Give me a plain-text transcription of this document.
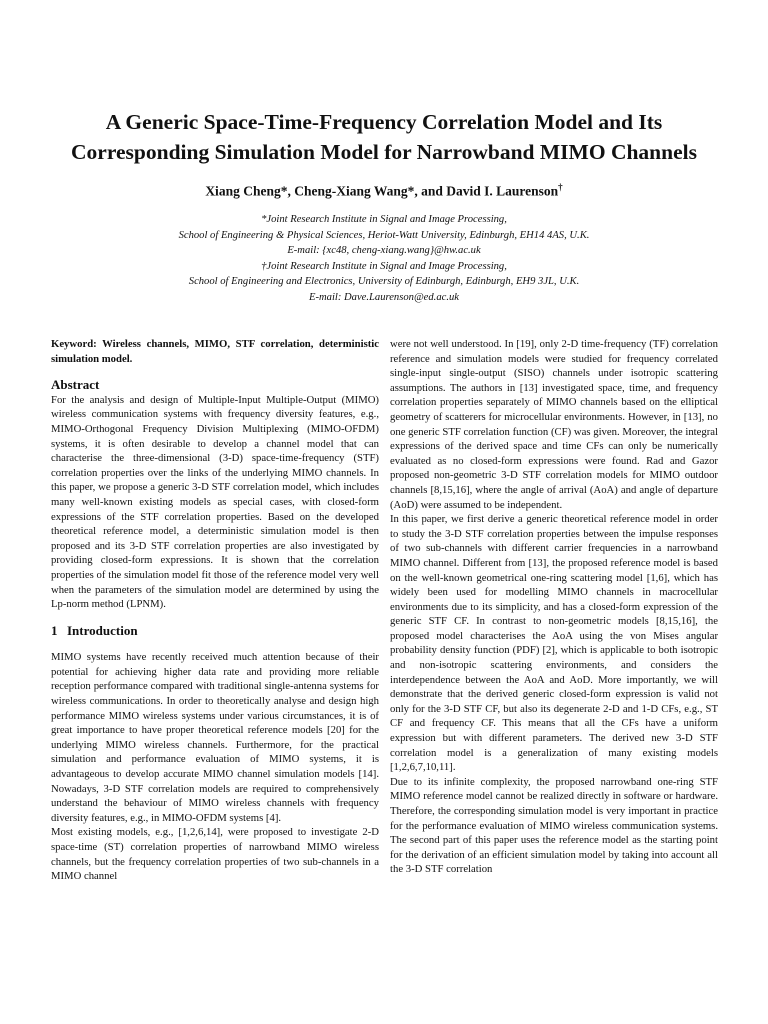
A Generic Space-Time-Frequency Correlation Model and Its
Corresponding Simulation Model for Narrowband MIMO Channels

Xiang Cheng*, Cheng-Xiang Wang*, and David I. Laurenson†

*Joint Research Institute in Signal and Image Processing,

School of Engineering & Physical Sciences, Heriot-Watt University, Edinburgh, EH14 4AS, U.K.

E-mail: {xc48, cheng-xiang.wang}@hw.ac.uk

†Joint Research Institute in Signal and Image Processing,

School of Engineering and Electronics, University of Edinburgh, Edinburgh, EH9 3JL, U.K.

E-mail: Dave.Laurenson@ed.ac.uk

Keyword: Wireless channels, MIMO, STF correlation, deterministic simulation model.

Abstract

For the analysis and design of Multiple-Input Multiple-Output (MIMO) wireless communication systems with frequency diversity features, e.g., MIMO-Orthogonal Frequency Division Multiplexing (MIMO-OFDM) systems, it is often desirable to develop a channel model that can characterise the three-dimensional (3-D) space-time-frequency (STF) correlation properties over the links of the underlying MIMO channels. In this paper, we propose a generic 3-D STF correlation model, which includes many well-known existing models as special cases, with closed-form expressions of the STF correlation properties. Based on the developed theoretical reference model, a deterministic simulation model is then proposed and its 3-D STF correlation properties are also investigated by providing closed-form expressions. It is shown that the correlation properties of the simulation model fit those of the reference model very well when the parameters of the simulation model are determined by using the Lp-norm method (LPNM).

1 Introduction

MIMO systems have recently received much attention because of their potential for achieving higher data rate and providing more reliable reception performance compared with traditional single-antenna systems for wireless communications. In order to theoretically analyse and design high performance MIMO wireless systems under various circumstances, it is of great importance to have proper theoretical reference models [20] for the underlying MIMO wireless channels. Furthermore, for the practical simulation and performance evaluation of MIMO systems, it is advantageous to develop accurate MIMO channel simulation models [14]. Nowadays, 3-D STF correlation models are required to comprehensively understand the behaviour of MIMO wireless channels with frequency diversity features, e.g., in MIMO-OFDM systems [4].

Most existing models, e.g., [1,2,6,14], were proposed to investigate 2-D space-time (ST) correlation properties of narrowband MIMO wireless channels, but the frequency correlation properties of two sub-channels in a MIMO channel

were not well understood. In [19], only 2-D time-frequency (TF) correlation reference and simulation models were studied for frequency correlated single-input single-output (SISO) channels under isotropic scattering assumptions. The authors in [13] investigated space, time, and frequency correlation properties separately of MIMO channels based on the elliptical geometry of scatterers for microcellular environments. However, in [13], no one generic STF correlation function (CF) was given. Moreover, the integral expressions of the derived space and time CFs can only be numerically evaluated as no closed-form expressions were found. Rad and Gazor proposed non-geometric 3-D STF correlation models for MIMO outdoor channels [8,15,16], where the angle of arrival (AoA) and angle of departure (AoD) were assumed to be independent.

In this paper, we first derive a generic theoretical reference model in order to study the 3-D STF correlation properties between the impulse responses of two sub-channels with different carrier frequencies in a narrowband MIMO channel. Different from [13], the proposed reference model is based on the well-known geometrical one-ring scattering model [1,6], which has widely been used for modelling MIMO channels in macrocellular environments due to its simplicity, and has a closed-form expression of the generic STF CF. In contrast to non-geometric models [8,15,16], the proposed model characterises the AoA using the von Mises angular probability density function (PDF) [2], which is applicable to both isotropic and non-isotropic scattering environments, and considers the interdependence between the AoA and AoD. More importantly, we will demonstrate that the derived generic closed-form expression is valid not only for the 3-D STF CF, but also its degenerate 2-D and 1-D CFs, e.g., ST CF and frequency CF. This means that all the CFs have a uniform expression but with different parameters. The derived new 3-D STF correlation model is a generalization of many existing models [1,2,6,7,10,11].

Due to its infinite complexity, the proposed narrowband one-ring STF MIMO reference model cannot be realized directly in software or hardware. Therefore, the corresponding simulation model is very important in practice for the performance evaluation of MIMO wireless communication systems. The second part of this paper uses the reference model as the starting point for the derivation of an efficient simulation model by taking into account all the 3-D STF correlation
